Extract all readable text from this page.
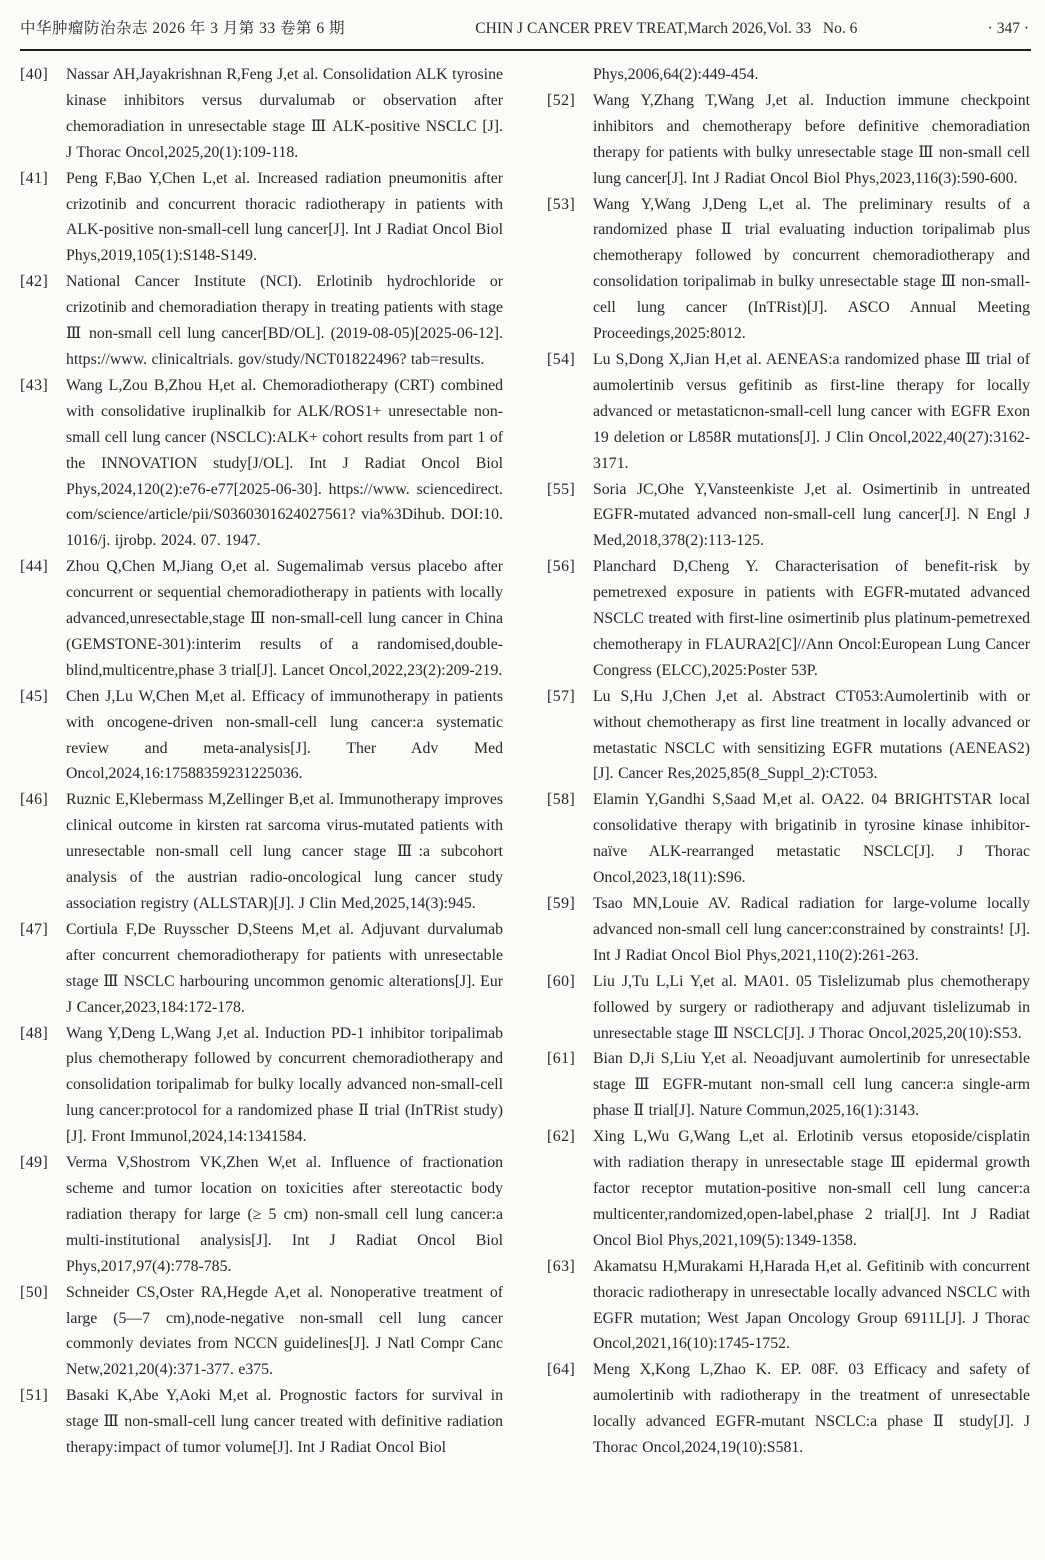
中华肿瘤防治杂志 2026 年 3 月第 33 卷第 6 期	CHIN J CANCER PREV TREAT,March 2026,Vol. 33   No. 6	· 347 ·
[40]	Nassar AH,Jayakrishnan R,Feng J,et al. Consolidation ALK tyrosine kinase inhibitors versus durvalumab or observation after chemoradiation in unresectable stage Ⅲ ALK-positive NSCLC [J]. J Thorac Oncol,2025,20(1):109-118.
[41]	Peng F,Bao Y,Chen L,et al. Increased radiation pneumonitis after crizotinib and concurrent thoracic radiotherapy in patients with ALK-positive non-small-cell lung cancer[J]. Int J Radiat Oncol Biol Phys,2019,105(1):S148-S149.
[42]	National Cancer Institute (NCI). Erlotinib hydrochloride or crizotinib and chemoradiation therapy in treating patients with stage Ⅲ non-small cell lung cancer[BD/OL]. (2019-08-05)[2025-06-12]. https://www. clinicaltrials. gov/study/NCT01822496? tab=results.
[43]	Wang L,Zou B,Zhou H,et al. Chemoradiotherapy (CRT) combined with consolidative iruplinalkib for ALK/ROS1+ unresectable non-small cell lung cancer (NSCLC):ALK+ cohort results from part 1 of the INNOVATION study[J/OL]. Int J Radiat Oncol Biol Phys,2024,120(2):e76-e77[2025-06-30]. https://www. sciencedirect. com/science/article/pii/S0360301624027561? via%3Dihub. DOI:10. 1016/j. ijrobp. 2024. 07. 1947.
[44]	Zhou Q,Chen M,Jiang O,et al. Sugemalimab versus placebo after concurrent or sequential chemoradiotherapy in patients with locally advanced,unresectable,stage Ⅲ non-small-cell lung cancer in China (GEMSTONE-301):interim results of a randomised,double-blind,multicentre,phase 3 trial[J]. Lancet Oncol,2022,23(2):209-219.
[45]	Chen J,Lu W,Chen M,et al. Efficacy of immunotherapy in patients with oncogene-driven non-small-cell lung cancer:a systematic review and meta-analysis[J]. Ther Adv Med Oncol,2024,16:17588359231225036.
[46]	Ruznic E,Klebermass M,Zellinger B,et al. Immunotherapy improves clinical outcome in kirsten rat sarcoma virus-mutated patients with unresectable non-small cell lung cancer stage Ⅲ:a subcohort analysis of the austrian radio-oncological lung cancer study association registry (ALLSTAR)[J]. J Clin Med,2025,14(3):945.
[47]	Cortiula F,De Ruysscher D,Steens M,et al. Adjuvant durvalumab after concurrent chemoradiotherapy for patients with unresectable stage Ⅲ NSCLC harbouring uncommon genomic alterations[J]. Eur J Cancer,2023,184:172-178.
[48]	Wang Y,Deng L,Wang J,et al. Induction PD-1 inhibitor toripalimab plus chemotherapy followed by concurrent chemoradiotherapy and consolidation toripalimab for bulky locally advanced non-small-cell lung cancer:protocol for a randomized phase Ⅱ trial (InTRist study)[J]. Front Immunol,2024,14:1341584.
[49]	Verma V,Shostrom VK,Zhen W,et al. Influence of fractionation scheme and tumor location on toxicities after stereotactic body radiation therapy for large (≥ 5 cm) non-small cell lung cancer:a multi-institutional analysis[J]. Int J Radiat Oncol Biol Phys,2017,97(4):778-785.
[50]	Schneider CS,Oster RA,Hegde A,et al. Nonoperative treatment of large (5—7 cm),node-negative non-small cell lung cancer commonly deviates from NCCN guidelines[J]. J Natl Compr Canc Netw,2021,20(4):371-377. e375.
[51]	Basaki K,Abe Y,Aoki M,et al. Prognostic factors for survival in stage Ⅲ non-small-cell lung cancer treated with definitive radiation therapy:impact of tumor volume[J]. Int J Radiat Oncol Biol
Phys,2006,64(2):449-454.
[52]	Wang Y,Zhang T,Wang J,et al. Induction immune checkpoint inhibitors and chemotherapy before definitive chemoradiation therapy for patients with bulky unresectable stage Ⅲ non-small cell lung cancer[J]. Int J Radiat Oncol Biol Phys,2023,116(3):590-600.
[53]	Wang Y,Wang J,Deng L,et al. The preliminary results of a randomized phase Ⅱ trial evaluating induction toripalimab plus chemotherapy followed by concurrent chemoradiotherapy and consolidation toripalimab in bulky unresectable stage Ⅲ non-small-cell lung cancer (InTRist)[J]. ASCO Annual Meeting Proceedings,2025:8012.
[54]	Lu S,Dong X,Jian H,et al. AENEAS:a randomized phase Ⅲ trial of aumolertinib versus gefitinib as first-line therapy for locally advanced or metastaticnon-small-cell lung cancer with EGFR Exon 19 deletion or L858R mutations[J]. J Clin Oncol,2022,40(27):3162-3171.
[55]	Soria JC,Ohe Y,Vansteenkiste J,et al. Osimertinib in untreated EGFR-mutated advanced non-small-cell lung cancer[J]. N Engl J Med,2018,378(2):113-125.
[56]	Planchard D,Cheng Y. Characterisation of benefit-risk by pemetrexed exposure in patients with EGFR-mutated advanced NSCLC treated with first-line osimertinib plus platinum-pemetrexed chemotherapy in FLAURA2[C]//Ann Oncol:European Lung Cancer Congress (ELCC),2025:Poster 53P.
[57]	Lu S,Hu J,Chen J,et al. Abstract CT053:Aumolertinib with or without chemotherapy as first line treatment in locally advanced or metastatic NSCLC with sensitizing EGFR mutations (AENEAS2)[J]. Cancer Res,2025,85(8_Suppl_2):CT053.
[58]	Elamin Y,Gandhi S,Saad M,et al. OA22. 04 BRIGHTSTAR local consolidative therapy with brigatinib in tyrosine kinase inhibitor-naïve ALK-rearranged metastatic NSCLC[J]. J Thorac Oncol,2023,18(11):S96.
[59]	Tsao MN,Louie AV. Radical radiation for large-volume locally advanced non-small cell lung cancer:constrained by constraints! [J]. Int J Radiat Oncol Biol Phys,2021,110(2):261-263.
[60]	Liu J,Tu L,Li Y,et al. MA01. 05 Tislelizumab plus chemotherapy followed by surgery or radiotherapy and adjuvant tislelizumab in unresectable stage Ⅲ NSCLC[J]. J Thorac Oncol,2025,20(10):S53.
[61]	Bian D,Ji S,Liu Y,et al. Neoadjuvant aumolertinib for unresectable stage Ⅲ EGFR-mutant non-small cell lung cancer:a single-arm phase Ⅱ trial[J]. Nature Commun,2025,16(1):3143.
[62]	Xing L,Wu G,Wang L,et al. Erlotinib versus etoposide/cisplatin with radiation therapy in unresectable stage Ⅲ epidermal growth factor receptor mutation-positive non-small cell lung cancer:a multicenter,randomized,open-label,phase 2 trial[J]. Int J Radiat Oncol Biol Phys,2021,109(5):1349-1358.
[63]	Akamatsu H,Murakami H,Harada H,et al. Gefitinib with concurrent thoracic radiotherapy in unresectable locally advanced NSCLC with EGFR mutation; West Japan Oncology Group 6911L[J]. J Thorac Oncol,2021,16(10):1745-1752.
[64]	Meng X,Kong L,Zhao K. EP. 08F. 03 Efficacy and safety of aumolertinib with radiotherapy in the treatment of unresectable locally advanced EGFR-mutant NSCLC:a phase Ⅱ study[J]. J Thorac Oncol,2024,19(10):S581.
